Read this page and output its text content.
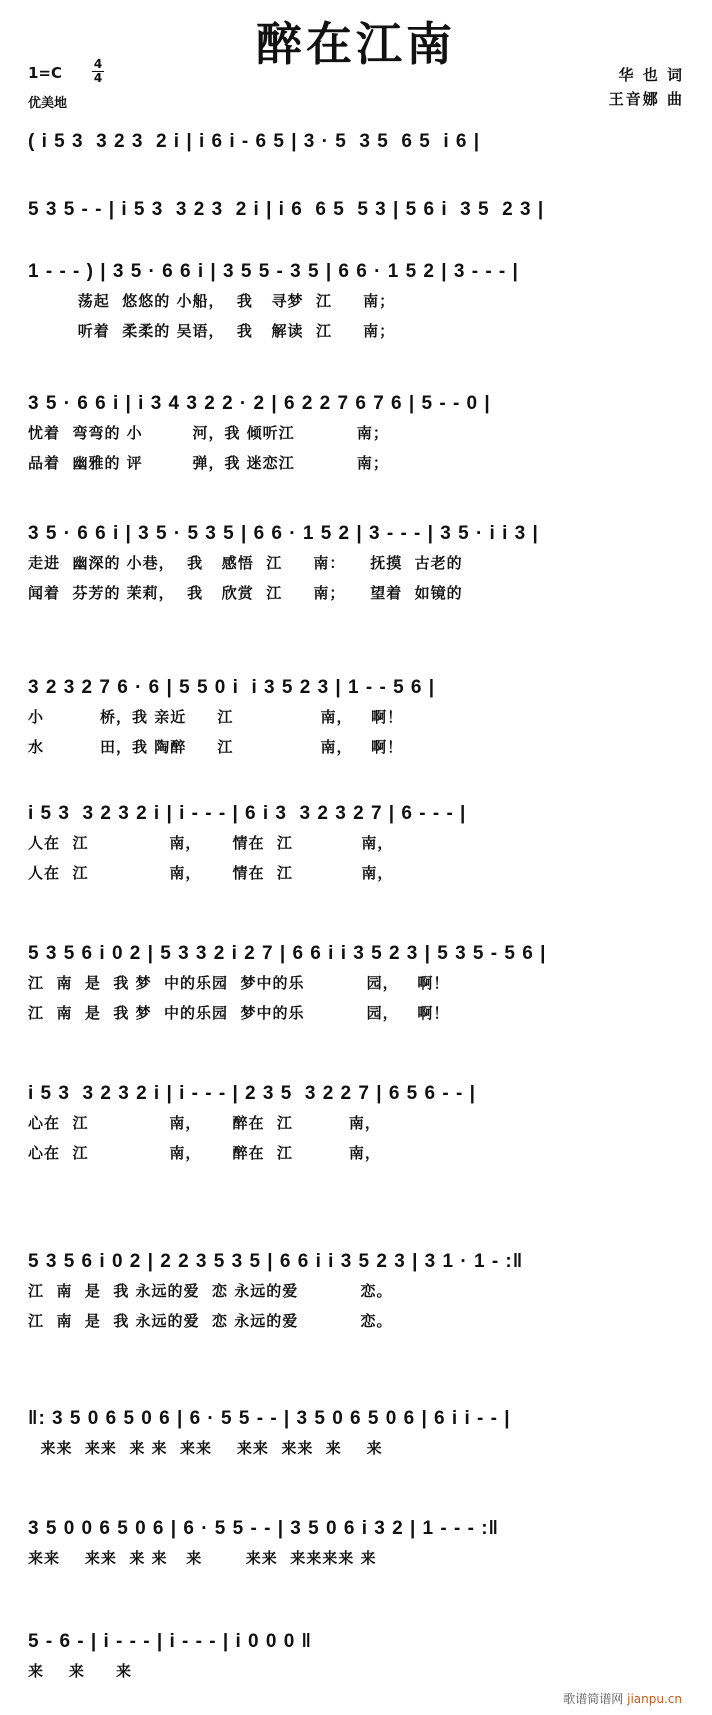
醉在江南
1=C	4
4
优美地
华 也 词
王音娜 曲
( i 5 3  3 2 3  2 i | i 6 i - 6 5 | 3 · 5  3 5  6 5  i 6 |
5 3 5 - - | i 5 3  3 2 3  2 i | i 6  6 5  5 3 | 5 6 i  3 5  2 3 |
1 - - - ) | 3 5 · 6 6 i | 3 5 5 - 3 5 | 6 6 · 1 5 2 | 3 - - - |
荡起  悠悠的 小船，  我   寻梦  江     南；
听着  柔柔的 吴语，  我   解读  江     南；
3 5 · 6 6 i | i 3 4 3 2 2 · 2 | 6 2 2 7 6 7 6 | 5 - - 0 |
忧着  弯弯的 小        河，我 倾听江          南；
品着  幽雅的 评        弹，我 迷恋江          南；
3 5 · 6 6 i | 3 5 · 5 3 5 | 6 6 · 1 5 2 | 3 - - - | 3 5 · i i 3 |
走进  幽深的 小巷，  我   感悟  江     南：    抚摸  古老的
闻着  芬芳的 茉莉，  我   欣赏  江     南；    望着  如镜的
3 2 3 2 7 6 · 6 | 5 5 0 i  i 3 5 2 3 | 1 - - 5 6 |
小         桥，我 亲近     江              南，   啊！
水         田，我 陶醉     江              南，   啊！
i 5 3  3 2 3 2 i | i - - - | 6 i 3  3 2 3 2 7 | 6 - - - |
人在  江             南，     情在  江           南，
人在  江             南，     情在  江           南，
5 3 5 6 i 0 2 | 5 3 3 2 i 2 7 | 6 6 i i 3 5 2 3 | 5 3 5 - 5 6 |
江  南  是  我 梦  中的乐园  梦中的乐          园，   啊！
江  南  是  我 梦  中的乐园  梦中的乐          园，   啊！
i 5 3  3 2 3 2 i | i - - - | 2 3 5  3 2 2 7 | 6 5 6 - - |
心在  江             南，     醉在  江         南，
心在  江             南，     醉在  江         南，
5 3 5 6 i 0 2 | 2 2 3 5 3 5 | 6 6 i i 3 5 2 3 | 3 1 · 1 - :‖
江  南  是  我 永远的爱  恋 永远的爱          恋。
江  南  是  我 永远的爱  恋 永远的爱          恋。
‖: 3 5 0 6 5 0 6 | 6 · 5 5 - - | 3 5 0 6 5 0 6 | 6 i i - - |
来来  来来  来 来  来来    来来  来来  来    来
3 5 0 0 6 5 0 6 | 6 · 5 5 - - | 3 5 0 6 i 3 2 | 1 - - - :‖
来来    来来  来 来   来       来来  来来来来 来
5 - 6 - | i - - - | i - - - | i 0 0 0 ‖
来    来     来
歌谱简谱网 jianpu.cn
